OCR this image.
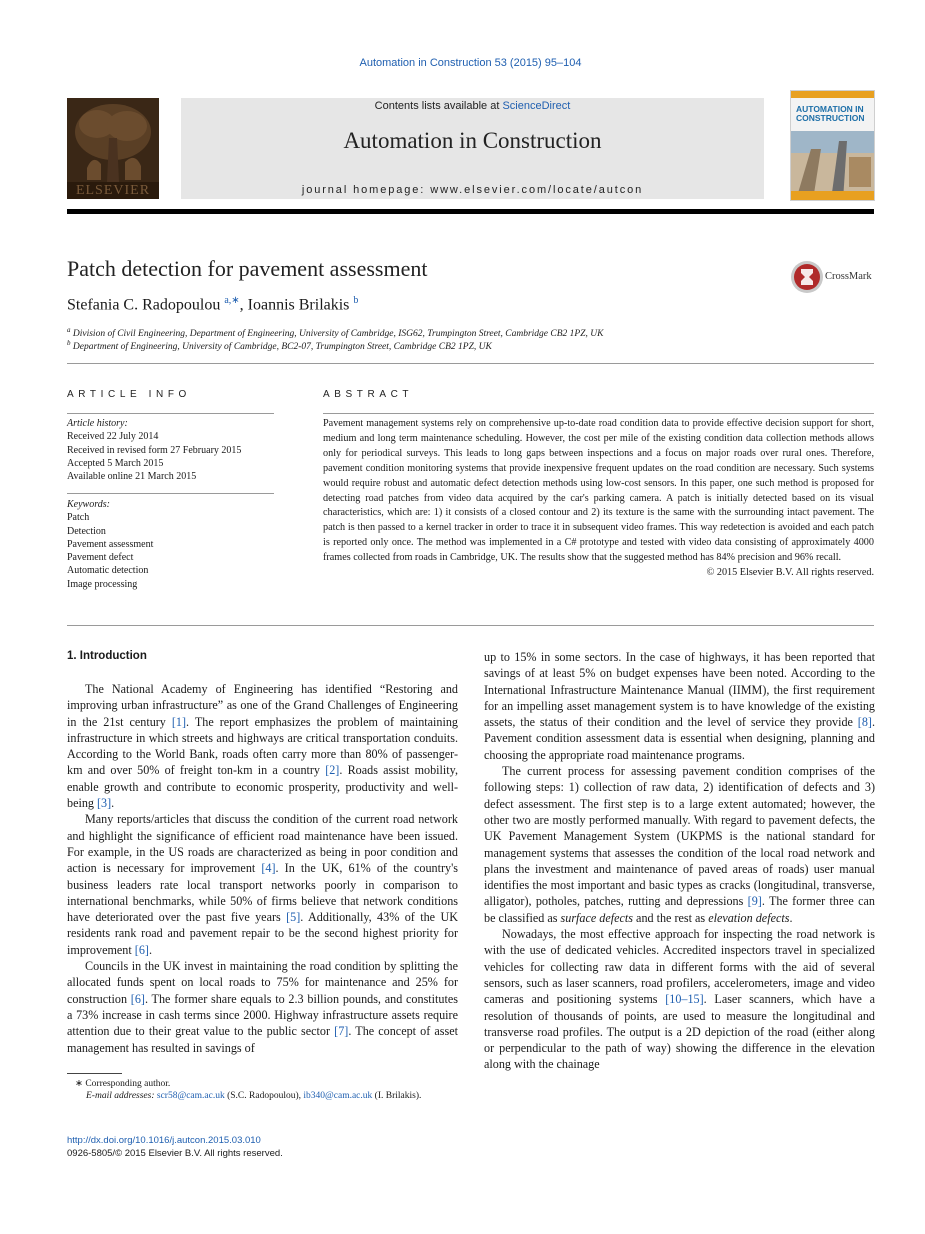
Automation in Construction 53 (2015) 95–104
ELSEVIER
Contents lists available at ScienceDirect
Automation in Construction
journal homepage: www.elsevier.com/locate/autcon
AUTOMATION IN
CONSTRUCTION
Patch detection for pavement assessment	CrossMark
Stefania C. Radopoulou $^{a,∗}$, Ioannis Brilakis $^b$
$^a$ Division of Civil Engineering, Department of Engineering, University of Cambridge, ISG62, Trumpington Street, Cambridge CB2 1PZ, UK
$^b$ Department of Engineering, University of Cambridge, BC2-07, Trumpington Street, Cambridge CB2 1PZ, UK
ARTICLE INFO
Article history:
Received 22 July 2014
Received in revised form 27 February 2015
Accepted 5 March 2015
Available online 21 March 2015
Keywords:
Patch
Detection
Pavement assessment
Pavement defect
Automatic detection
Image processing
ABSTRACT
Pavement management systems rely on comprehensive up-to-date road condition data to provide effective decision support for short, medium and long term maintenance scheduling. However, the cost per mile of the existing condition data collection methods allows only for periodical surveys. This leads to long gaps between inspections and a focus on major roads over rural ones. Therefore, pavement condition monitoring systems that provide inexpensive frequent updates on the road condition are necessary. Such systems would require robust and automatic defect detection methods using low-cost sensors. In this paper, one such method is proposed for detecting road patches from video data acquired by the car's parking camera. A patch is initially detected based on its visual characteristics, which are: 1) it consists of a closed contour and 2) its texture is the same with the surrounding intact pavement. The patch is then passed to a kernel tracker in order to trace it in subsequent video frames. This way redetection is avoided and each patch is reported only once. The method was implemented in a C# prototype and tested with video data consisting of approximately 4000 frames collected from roads in Cambridge, UK. The results show that the suggested method has 84% precision and 96% recall.
© 2015 Elsevier B.V. All rights reserved.
1. Introduction

The National Academy of Engineering has identified “Restoring and improving urban infrastructure” as one of the Grand Challenges of Engineering in the 21st century [1]. The report emphasizes the problem of maintaining infrastructure in which streets and highways are critical transportation conduits. According to the World Bank, roads often carry more than 80% of passenger-km and over 50% of freight ton-km in a country [2]. Roads assist mobility, enable growth and contribute to economic prosperity, productivity and well-being [3].

Many reports/articles that discuss the condition of the current road network and highlight the significance of efficient road maintenance have been issued. For example, in the US roads are characterized as being in poor condition and action is necessary for improvement [4]. In the UK, 61% of the country's business leaders rate local transport networks poorly in comparison to international benchmarks, while 50% of firms believe that network conditions have deteriorated over the past five years [5]. Additionally, 43% of the UK residents rank road and pavement repair to be the second highest priority for improvement [6].

Councils in the UK invest in maintaining the road condition by splitting the allocated funds spent on local roads to 75% for maintenance and 25% for construction [6]. The former share equals to 2.3 billion pounds, and constitutes a 73% increase in cash terms since 2000. Highway infrastructure assets require attention due to their great value to the public sector [7]. The concept of asset management has resulted in savings of

up to 15% in some sectors. In the case of highways, it has been reported that savings of at least 5% on budget expenses have been noted. According to the International Infrastructure Maintenance Manual (IIMM), the first requirement for an impelling asset management system is to have knowledge of the existing assets, the status of their condition and the level of service they provide [8]. Pavement condition assessment data is essential when designing, planning and choosing the appropriate road maintenance programs.

The current process for assessing pavement condition comprises of the following steps: 1) collection of raw data, 2) identification of defects and 3) defect assessment. The first step is to a large extent automated; however, the other two are mostly performed manually. With regard to pavement defects, the UK Pavement Management System (UKPMS is the national standard for management systems that assesses the condition of the local road network and plans the investment and maintenance of paved areas of roads) user manual identifies the most important and basic types as cracks (longitudinal, transverse, alligator), potholes, patches, rutting and depressions [9]. The former three can be classified as surface defects and the rest as elevation defects.

Nowadays, the most effective approach for inspecting the road network is with the use of dedicated vehicles. Accredited inspectors travel in specialized vehicles for collecting raw data in different forms with the aid of several sensors, such as laser scanners, road profilers, accelerometers, image and video cameras and positioning systems [10–15]. Laser scanners, which have a resolution of thousands of points, are used to measure the longitudinal and transverse road profiles. The output is a 2D depiction of the road (either along or perpendicular to the path of way) showing the difference in the elevation along with the chainage

∗ Corresponding author.
E-mail addresses: scr58@cam.ac.uk (S.C. Radopoulou), ib340@cam.ac.uk (I. Brilakis).
http://dx.doi.org/10.1016/j.autcon.2015.03.010
0926-5805/© 2015 Elsevier B.V. All rights reserved.
